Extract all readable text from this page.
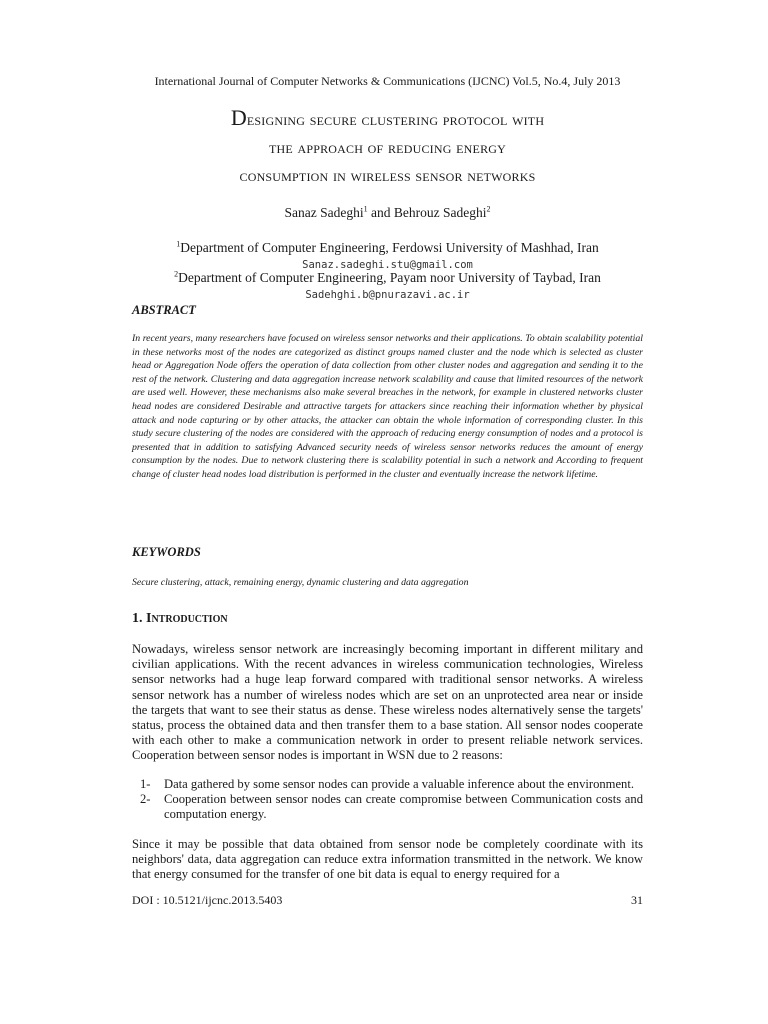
International Journal of Computer Networks & Communications (IJCNC) Vol.5, No.4, July 2013
Designing secure clustering protocol with
the approach of reducing energy
consumption in wireless sensor networks
Sanaz Sadeghi$^1$ and Behrouz Sadeghi$^2$
$^1$Department of Computer Engineering, Ferdowsi University of Mashhad, Iran
Sanaz.sadeghi.stu@gmail.com
$^2$Department of Computer Engineering, Payam noor University of Taybad, Iran
Sadehghi.b@pnurazavi.ac.ir
ABSTRACT

In recent years, many researchers have focused on wireless sensor networks and their applications. To obtain scalability potential in these networks most of the nodes are categorized as distinct groups named cluster and the node which is selected as cluster head or Aggregation Node offers the operation of data collection from other cluster nodes and aggregation and sending it to the rest of the network. Clustering and data aggregation increase network scalability and cause that limited resources of the network are used well. However, these mechanisms also make several breaches in the network, for example in clustered networks cluster head nodes are considered Desirable and attractive targets for attackers since reaching their information whether by physical attack and node capturing or by other attacks, the attacker can obtain the whole information of corresponding cluster. In this study secure clustering of the nodes are considered with the approach of reducing energy consumption of nodes and a protocol is presented that in addition to satisfying Advanced security needs of wireless sensor networks reduces the amount of energy consumption by the nodes. Due to network clustering there is scalability potential in such a network and According to frequent change of cluster head nodes load distribution is performed in the cluster and eventually increase the network lifetime.

KEYWORDS
Secure clustering, attack, remaining energy, dynamic clustering and data aggregation
1. Introduction

Nowadays, wireless sensor network are increasingly becoming important in different military and civilian applications. With the recent advances in wireless communication technologies, Wireless sensor networks had a huge leap forward compared with traditional sensor networks. A wireless sensor network has a number of wireless nodes which are set on an unprotected area near or inside the targets that want to see their status as dense. These wireless nodes alternatively sense the targets' status, process the obtained data and then transfer them to a base station. All sensor nodes cooperate with each other to make a communication network in order to present reliable network services. Cooperation between sensor nodes is important in WSN due to 2 reasons:

1-	Data gathered by some sensor nodes can provide a valuable inference about the environment.
2-	Cooperation between sensor nodes can create compromise between Communication costs and computation energy.

Since it may be possible that data obtained from sensor node be completely coordinate with its neighbors' data, data aggregation can reduce extra information transmitted in the network. We know that energy consumed for the transfer of one bit data is equal to energy required for a

DOI : 10.5121/ijcnc.2013.5403	31
